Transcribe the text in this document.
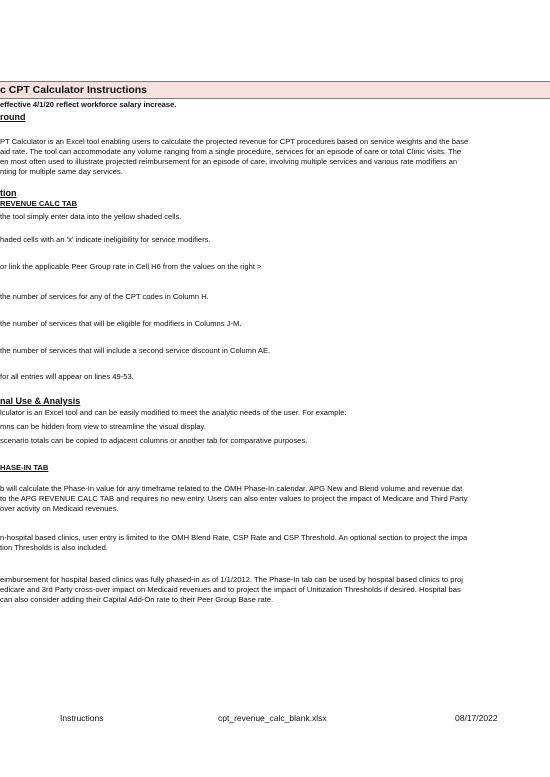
c CPT Calculator Instructions
effective 4/1/20 reflect workforce salary increase.
round
PT Calculator is an Excel tool enabling users to calculate the projected revenue for CPT procedures based on service weights and the base
aid rate. The tool can accommodate any volume ranging from a single procedure, services for an episode of care or total Clinic visits. The
en most often used to illustrate projected reimbursement for an episode of care, involving multiple services and various rate modifiers an
nting for multiple same day services.
tion
REVENUE CALC TAB
the tool simply enter data into the yellow shaded cells.
haded cells with an 'x' indicate ineligibility for service modifiers.
or link the applicable Peer Group rate in Cell H6 from the values on the right >
the number of services for any of the CPT codes in Column H.
the number of services that will be eligible for modifiers in Columns J-M.
the number of services that will include a second service discount in Column AE.
for all entries will appear on lines 49-53.
nal Use & Analysis
lculator is an Excel tool and can be easily modified to meet the analytic needs of the user. For example:
mns can be hidden from view to streamline the visual display.
scenario totals can be copied to adjacent columns or another tab for comparative purposes.
HASE-IN TAB
b will calculate the Phase-In value for any timeframe related to the OMH Phase-In calendar. APG New and Blend volume and revenue dat
to the APG REVENUE CALC TAB and requires no new entry. Users can also enter values to project the impact of Medicare and Third Party
over activity on Medicaid revenues.
n-hospital based clinics, user entry is limited to the OMH Blend Rate, CSP Rate and CSP Threshold. An optional section to project the impa
tion Thresholds is also included.
eimbursement for hospital based clinics was fully phased-in as of 1/1/2012. The Phase-In tab can be used by hospital based clinics to proj
edicare and 3rd Party cross-over impact on Medicaid revenues and to project the impact of Unitization Thresholds if desired. Hospital bas
can also consider adding their Capital Add-On rate to their Peer Group Base rate.
Instructions	cpt_revenue_calc_blank.xlsx	08/17/2022
